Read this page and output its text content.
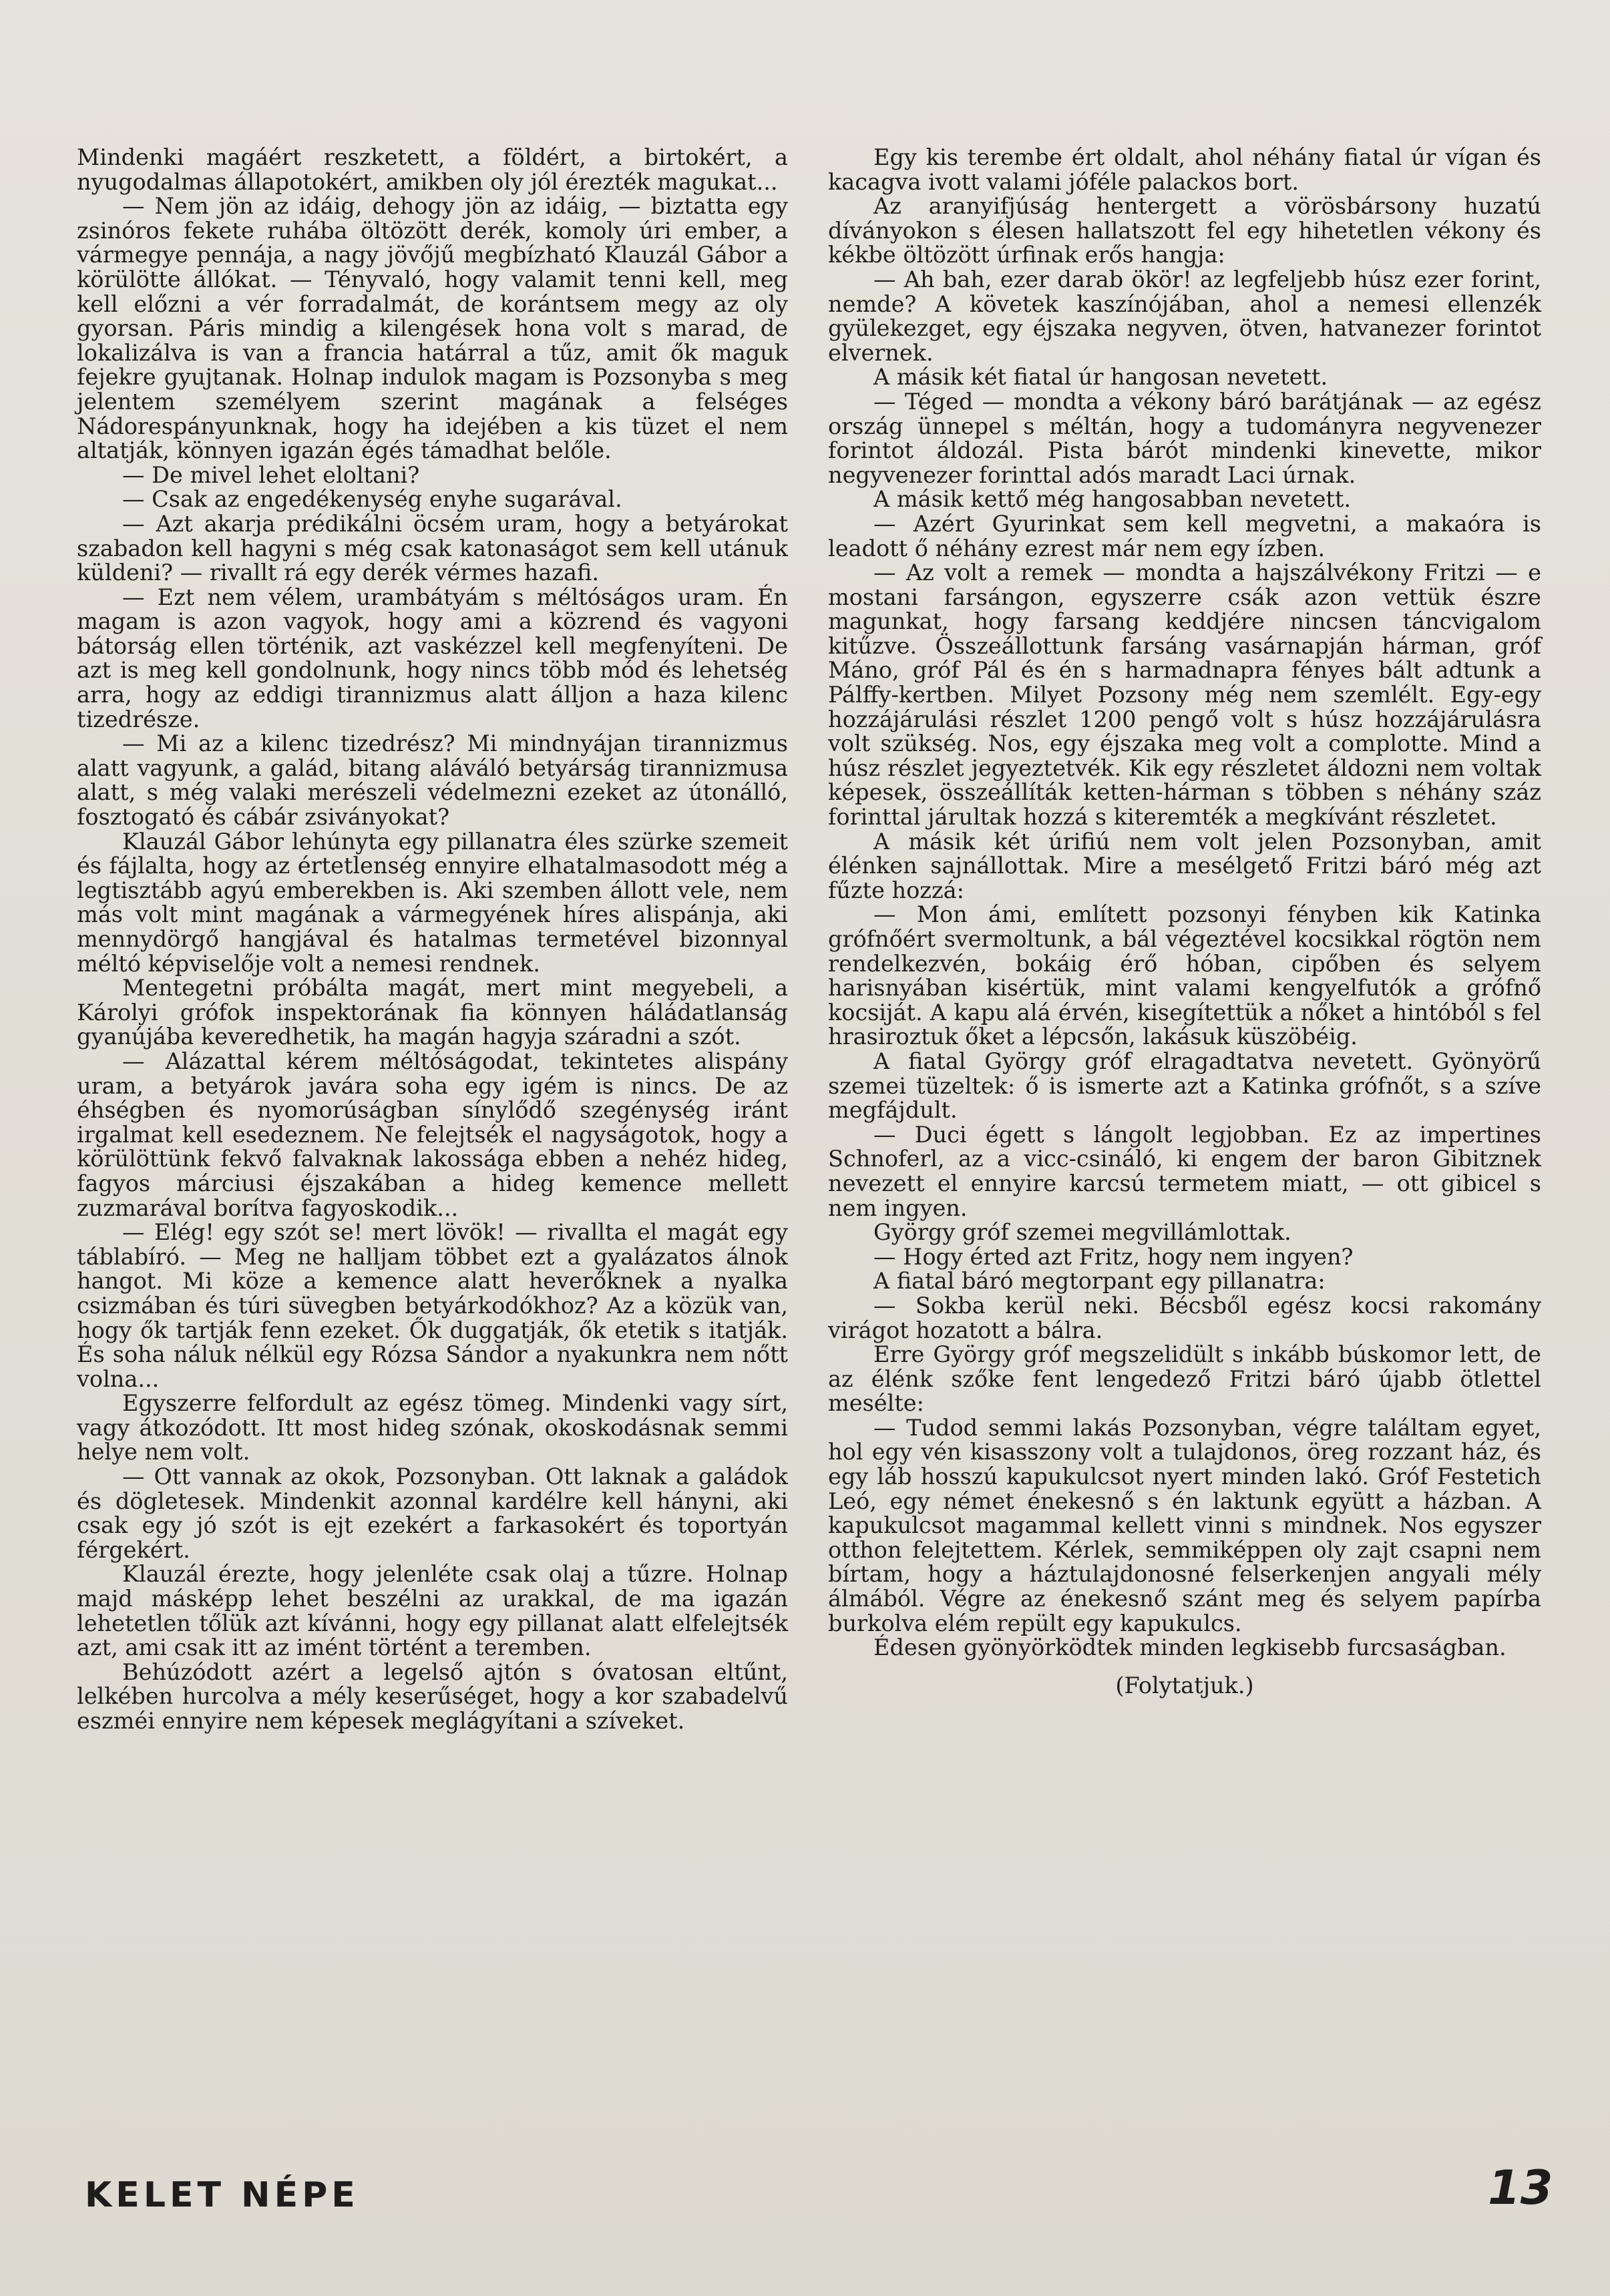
Mindenki magáért reszketett, a földért, a birtokért, a nyugodalmas állapotokért, amikben oly jól érezték magukat...

— Nem jön az idáig, dehogy jön az idáig, — biztatta egy zsinóros fekete ruhába öltözött derék, komoly úri ember, a vármegye pennája, a nagy jövőjű megbízható Klauzál Gábor a körülötte állókat. — Tényvaló, hogy valamit tenni kell, meg kell előzni a vér forradalmát, de korántsem megy az oly gyorsan. Páris mindig a kilengések hona volt s marad, de lokalizálva is van a francia határral a tűz, amit ők maguk fejekre gyujtanak. Holnap indulok magam is Pozsonyba s meg jelentem személyem szerint magának a felséges Nádorespányunknak, hogy ha idejében a kis tüzet el nem altatják, könnyen igazán égés támadhat belőle.

— De mivel lehet eloltani?

— Csak az engedékenység enyhe sugarával.

— Azt akarja prédikálni öcsém uram, hogy a betyárokat szabadon kell hagyni s még csak katonaságot sem kell utánuk küldeni? — rivallt rá egy derék vérmes hazafi.

— Ezt nem vélem, urambátyám s méltóságos uram. Én magam is azon vagyok, hogy ami a közrend és vagyoni bátorság ellen történik, azt vaskézzel kell megfenyíteni. De azt is meg kell gondolnunk, hogy nincs több mód és lehetség arra, hogy az eddigi tirannizmus alatt álljon a haza kilenc tizedrésze.

— Mi az a kilenc tizedrész? Mi mindnyájan tirannizmus alatt vagyunk, a galád, bitang aláváló betyárság tirannizmusa alatt, s még valaki merészeli védelmezni ezeket az útonálló, fosztogató és cábár zsiványokat?

Klauzál Gábor lehúnyta egy pillanatra éles szürke szemeit és fájlalta, hogy az értetlenség ennyire elhatalmasodott még a legtisztább agyú emberekben is. Aki szemben állott vele, nem más volt mint magának a vármegyének híres alispánja, aki mennydörgő hangjával és hatalmas termetével bizonnyal méltó képviselője volt a nemesi rendnek.

Mentegetni próbálta magát, mert mint megyebeli, a Károlyi grófok inspektorának fia könnyen háládatlanság gyanújába keveredhetik, ha magán hagyja száradni a szót.

— Alázattal kérem méltóságodat, tekintetes alispány uram, a betyárok javára soha egy igém is nincs. De az éhségben és nyomorúságban sínylődő szegénység iránt irgalmat kell esedeznem. Ne felejtsék el nagyságotok, hogy a körülöttünk fekvő falvaknak lakossága ebben a nehéz hideg, fagyos márciusi éjszakában a hideg kemence mellett zuzmarával borítva fagyoskodik...

— Elég! egy szót se! mert lövök! — rivallta el magát egy táblabíró. — Meg ne halljam többet ezt a gyalázatos álnok hangot. Mi köze a kemence alatt heverőknek a nyalka csizmában és túri süvegben betyárkodókhoz? Az a közük van, hogy ők tartják fenn ezeket. Ők duggatják, ők etetik s itatják. És soha náluk nélkül egy Rózsa Sándor a nyakunkra nem nőtt volna...

Egyszerre felfordult az egész tömeg. Mindenki vagy sírt, vagy átkozódott. Itt most hideg szónak, okoskodásnak semmi helye nem volt.

— Ott vannak az okok, Pozsonyban. Ott laknak a galádok és dögletesek. Mindenkit azonnal kardélre kell hányni, aki csak egy jó szót is ejt ezekért a farkasokért és toportyán férgekért.

Klauzál érezte, hogy jelenléte csak olaj a tűzre. Holnap majd másképp lehet beszélni az urakkal, de ma igazán lehetetlen tőlük azt kívánni, hogy egy pillanat alatt elfelejtsék azt, ami csak itt az imént történt a teremben.

Behúzódott azért a legelső ajtón s óvatosan eltűnt, lelkében hurcolva a mély keserűséget, hogy a kor szabadelvű eszméi ennyire nem képesek meglágyítani a szíveket.

Egy kis terembe ért oldalt, ahol néhány fiatal úr vígan és kacagva ivott valami jóféle palackos bort.

Az aranyifjúság hentergett a vörösbársony huzatú díványokon s élesen hallatszott fel egy hihetetlen vékony és kékbe öltözött úrfinak erős hangja:

— Ah bah, ezer darab ökör! az legfeljebb húsz ezer forint, nemde? A követek kaszínójában, ahol a nemesi ellenzék gyülekezget, egy éjszaka negyven, ötven, hatvanezer forintot elvernek.

A másik két fiatal úr hangosan nevetett.

— Téged — mondta a vékony báró barátjának — az egész ország ünnepel s méltán, hogy a tudományra negyvenezer forintot áldozál. Pista bárót mindenki kinevette, mikor negyvenezer forinttal adós maradt Laci úrnak.

A másik kettő még hangosabban nevetett.

— Azért Gyurinkat sem kell megvetni, a makaóra is leadott ő néhány ezrest már nem egy ízben.

— Az volt a remek — mondta a hajszálvékony Fritzi — e mostani farsángon, egyszerre csák azon vettük észre magunkat, hogy farsang keddjére nincsen táncvigalom kitűzve. Összeállottunk farsáng vasárnapján hárman, gróf Máno, gróf Pál és én s harmadnapra fényes bált adtunk a Pálffy-kertben. Milyet Pozsony még nem szemlélt. Egy-egy hozzájárulási részlet 1200 pengő volt s húsz hozzájárulásra volt szükség. Nos, egy éjszaka meg volt a complotte. Mind a húsz részlet jegyeztetvék. Kik egy részletet áldozni nem voltak képesek, összeállíták ketten-hárman s többen s néhány száz forinttal járultak hozzá s kiteremték a megkívánt részletet.

A másik két úrifiú nem volt jelen Pozsonyban, amit élénken sajnállottak. Mire a mesélgető Fritzi báró még azt fűzte hozzá:

— Mon ámi, említett pozsonyi fényben kik Katinka grófnőért svermoltunk, a bál végeztével kocsikkal rögtön nem rendelkezvén, bokáig érő hóban, cipőben és selyem harisnyában kisértük, mint valami kengyelfutók a grófnő kocsiját. A kapu alá érvén, kisegítettük a nőket a hintóból s fel hrasiroztuk őket a lépcsőn, lakásuk küszöbéig.

A fiatal György gróf elragadtatva nevetett. Gyönyörű szemei tüzeltek: ő is ismerte azt a Katinka grófnőt, s a szíve megfájdult.

— Duci égett s lángolt legjobban. Ez az impertines Schnoferl, az a vicc-csináló, ki engem der baron Gibitznek nevezett el ennyire karcsú termetem miatt, — ott gibicel s nem ingyen.

György gróf szemei megvillámlottak.

— Hogy érted azt Fritz, hogy nem ingyen?

A fiatal báró megtorpant egy pillanatra:

— Sokba kerül neki. Bécsből egész kocsi rakomány virágot hozatott a bálra.

Erre György gróf megszelidült s inkább búskomor lett, de az élénk szőke fent lengedező Fritzi báró újabb ötlettel mesélte:

— Tudod semmi lakás Pozsonyban, végre találtam egyet, hol egy vén kisasszony volt a tulajdonos, öreg rozzant ház, és egy láb hosszú kapukulcsot nyert minden lakó. Gróf Festetich Leó, egy német énekesnő s én laktunk együtt a házban. A kapukulcsot magammal kellett vinni s mindnek. Nos egyszer otthon felejtettem. Kérlek, semmiképpen oly zajt csapni nem bírtam, hogy a háztulajdonosné felserkenjen angyali mély álmából. Végre az énekesnő szánt meg és selyem papírba burkolva elém repült egy kapukulcs.

Édesen gyönyörködtek minden legkisebb furcsaságban.

(Folytatjuk.)

KELET NÉPE	13
